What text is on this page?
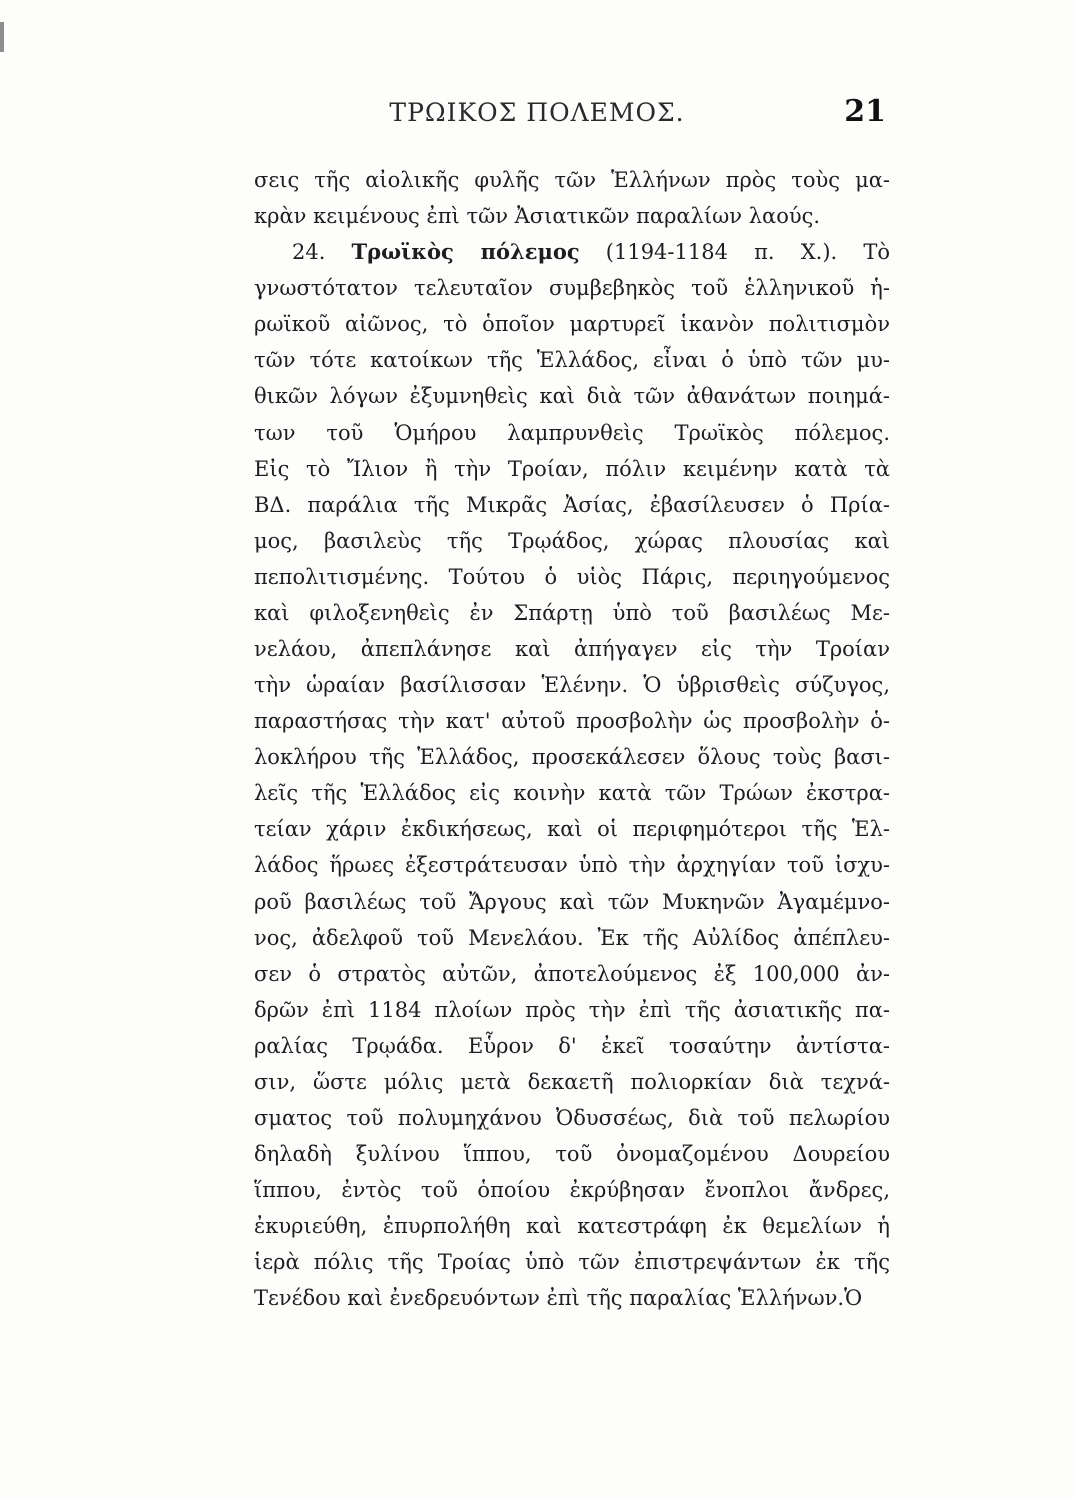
ΤΡΩΙΚΟΣ ΠΟΛΕΜΟΣ.	21
σεις τῆς αἰολικῆς φυλῆς τῶν Ἑλλήνων πρὸς τοὺς μα-
κρὰν κειμένους ἐπὶ τῶν Ἀσιατικῶν παραλίων λαούς.
24. Τρωϊκὸς πόλεμος (1194-1184 π. Χ.). Τὸ
γνωστότατον τελευταῖον συμβεβηκὸς τοῦ ἑλληνικοῦ ἡ-
ρωϊκοῦ αἰῶνος, τὸ ὁποῖον μαρτυρεῖ ἱκανὸν πολιτισμὸν
τῶν τότε κατοίκων τῆς Ἑλλάδος, εἶναι ὁ ὑπὸ τῶν μυ-
θικῶν λόγων ἐξυμνηθεὶς καὶ διὰ τῶν ἀθανάτων ποιημά-
των τοῦ Ὁμήρου λαμπρυνθεὶς Τρωϊκὸς πόλεμος.
Εἰς τὸ Ἴλιον ἢ τὴν Τροίαν, πόλιν κειμένην κατὰ τὰ
ΒΔ. παράλια τῆς Μικρᾶς Ἀσίας, ἐβασίλευσεν ὁ Πρία-
μος, βασιλεὺς τῆς Τρῳάδος, χώρας πλουσίας καὶ
πεπολιτισμένης. Τούτου ὁ υἱὸς Πάρις, περιηγούμενος
καὶ φιλοξενηθεὶς ἐν Σπάρτῃ ὑπὸ τοῦ βασιλέως Με-
νελάου, ἀπεπλάνησε καὶ ἀπήγαγεν εἰς τὴν Τροίαν
τὴν ὡραίαν βασίλισσαν Ἑλένην. Ὁ ὑβρισθεὶς σύζυγος,
παραστήσας τὴν κατ' αὐτοῦ προσβολὴν ὡς προσβολὴν ὁ-
λοκλήρου τῆς Ἑλλάδος, προσεκάλεσεν ὅλους τοὺς βασι-
λεῖς τῆς Ἑλλάδος εἰς κοινὴν κατὰ τῶν Τρώων ἐκστρα-
τείαν χάριν ἐκδικήσεως, καὶ οἱ περιφημότεροι τῆς Ἑλ-
λάδος ἥρωες ἐξεστράτευσαν ὑπὸ τὴν ἀρχηγίαν τοῦ ἰσχυ-
ροῦ βασιλέως τοῦ Ἄργους καὶ τῶν Μυκηνῶν Ἀγαμέμνο-
νος, ἀδελφοῦ τοῦ Μενελάου. Ἐκ τῆς Αὐλίδος ἀπέπλευ-
σεν ὁ στρατὸς αὐτῶν, ἀποτελούμενος ἐξ 100,000 ἀν-
δρῶν ἐπὶ 1184 πλοίων πρὸς τὴν ἐπὶ τῆς ἀσιατικῆς πα-
ραλίας Τρῳάδα. Εὗρον δ' ἐκεῖ τοσαύτην ἀντίστα-
σιν, ὥστε μόλις μετὰ δεκαετῆ πολιορκίαν διὰ τεχνά-
σματος τοῦ πολυμηχάνου Ὀδυσσέως, διὰ τοῦ πελωρίου
δηλαδὴ ξυλίνου ἵππου, τοῦ ὀνομαζομένου Δουρείου
ἵππου, ἐντὸς τοῦ ὁποίου ἐκρύβησαν ἔνοπλοι ἄνδρες,
ἐκυριεύθη, ἐπυρπολήθη καὶ κατεστράφη ἐκ θεμελίων ἡ
ἱερὰ πόλις τῆς Τροίας ὑπὸ τῶν ἐπιστρεψάντων ἐκ τῆς
Τενέδου καὶ ἐνεδρευόντων ἐπὶ τῆς παραλίας Ἑλλήνων.Ὁ
